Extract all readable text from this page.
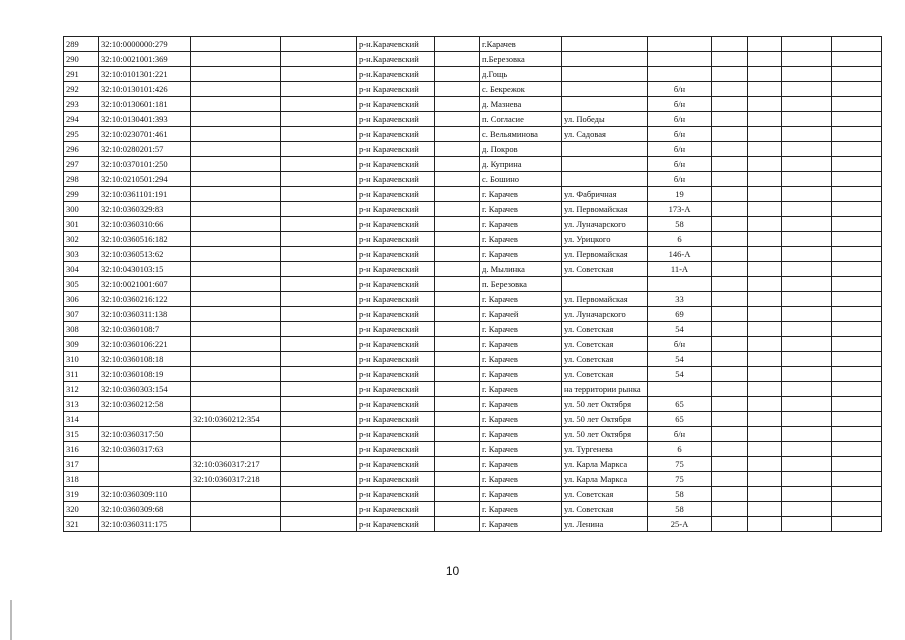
289	32:10:0000000:279			р-н.Карачевский		г.Карачев						
290	32:10:0021001:369			р-н.Карачевский		п.Березовка						
291	32:10:0101301:221			р-н.Карачевский		д.Гощь						
292	32:10:0130101:426			р-н Карачевский		с. Бекрежок		б/н				
293	32:10:0130601:181			р-н Карачевский		д. Мазнева		б/н				
294	32:10:0130401:393			р-н Карачевский		п. Согласие	ул. Победы	б/н				
295	32:10:0230701:461			р-н Карачевский		с. Вельяминова	ул. Садовая	б/н				
296	32:10:0280201:57			р-н Карачевский		д. Покров		б/н				
297	32:10:0370101:250			р-н Карачевский		д. Куприна		б/н				
298	32:10:0210501:294			р-н Карачевский		с. Бошино		б/н				
299	32:10:0361101:191			р-н Карачевский		г. Карачев	ул. Фабричная	19				
300	32:10:0360329:83			р-н Карачевский		г. Карачев	ул. Первомайская	173-А				
301	32:10:0360310:66			р-н Карачевский		г. Карачев	ул. Луначарского	58				
302	32:10:0360516:182			р-н Карачевский		г. Карачев	ул. Урицкого	6				
303	32:10:0360513:62			р-н Карачевский		г. Карачев	ул. Первомайская	146-А				
304	32:10:0430103:15			р-н Карачевский		д. Мылинка	ул. Советская	11-А				
305	32:10:0021001:607			р-н Карачевский		п. Березовка						
306	32:10:0360216:122			р-н Карачевский		г. Карачев	ул. Первомайская	33				
307	32:10:0360311:138			р-н Карачевский		г. Карачей	ул. Луначарского	69				
308	32:10:0360108:7			р-н Карачевский		г. Карачев	ул. Советская	54				
309	32:10:0360106:221			р-н Карачевский		г. Карачев	ул. Советская	б/н				
310	32:10:0360108:18			р-н Карачевский		г. Карачев	ул. Советская	54				
311	32:10:0360108:19			р-н Карачевский		г. Карачев	ул. Советская	54				
312	32:10:0360303:154			р-н Карачевский		г. Карачев	на территории рынка					
313	32:10:0360212:58			р-н Карачевский		г. Карачев	ул. 50 лет Октября	65				
314		32:10:0360212:354		р-н Карачевский		г. Карачев	ул. 50 лет Октября	65				
315	32:10:0360317:50			р-н Карачевский		г. Карачев	ул. 50 лет Октября	б/н				
316	32:10:0360317:63			р-н Карачевский		г. Карачев	ул. Тургенева	6				
317		32:10:0360317:217		р-н Карачевский		г. Карачев	ул. Карла Маркса	75				
318		32:10:0360317:218		р-н Карачевский		г. Карачев	ул. Карла Маркса	75				
319	32:10:0360309:110			р-н Карачевский		г. Карачев	ул. Советская	58				
320	32:10:0360309:68			р-н Карачевский		г. Карачев	ул. Советская	58				
321	32:10:0360311:175			р-н Карачевский		г. Карачев	ул. Ленина	25-А				
10
